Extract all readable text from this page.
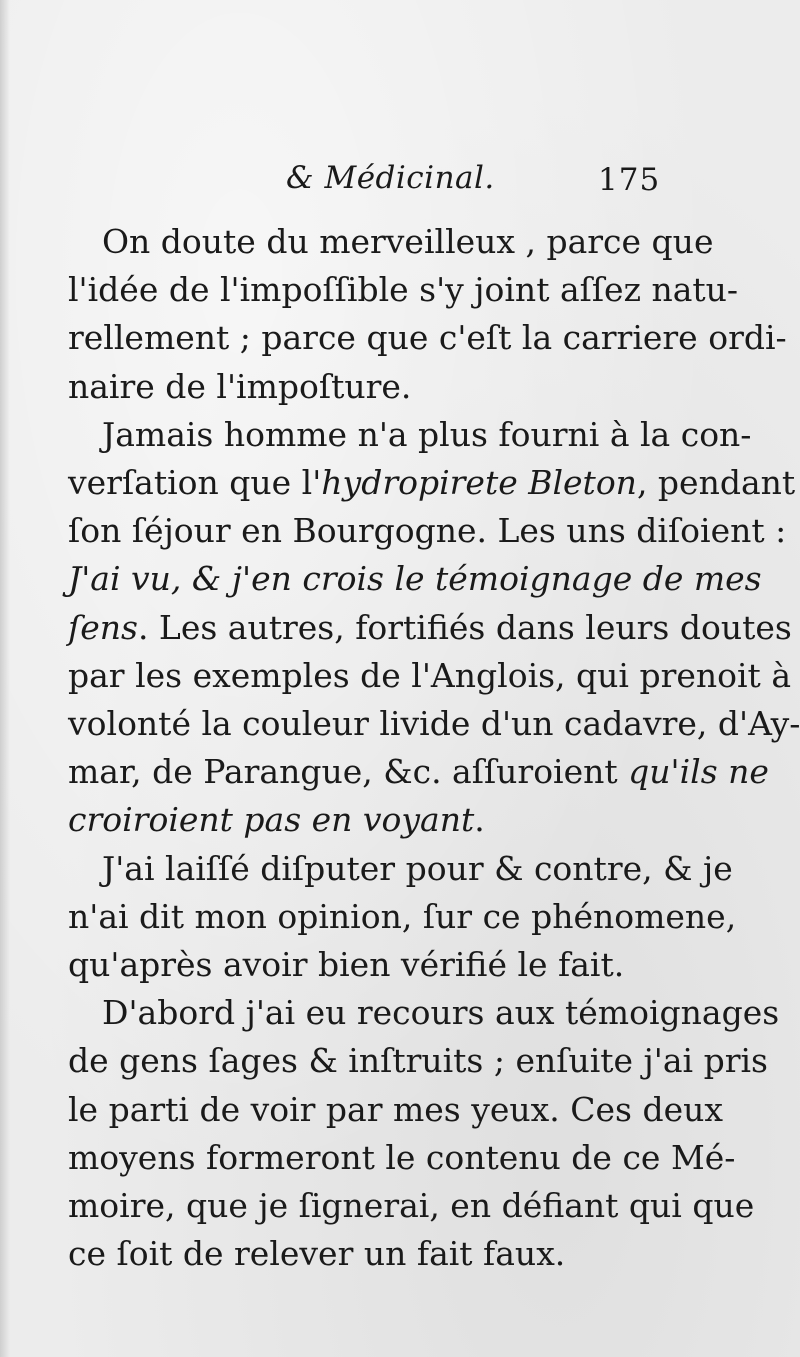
& Médicinal.	175

On doute du merveilleux , parce que
l'idée de l'impoſſible s'y joint aſſez natu-
rellement ; parce que c'eſt la carriere ordi-
naire de l'impoſture.

Jamais homme n'a plus fourni à la con-
verſation que l'hydropirete Bleton, pendant
ſon ſéjour en Bourgogne. Les uns diſoient :
J'ai vu, & j'en crois le témoignage de mes
ſens. Les autres, fortifiés dans leurs doutes
par les exemples de l'Anglois, qui prenoit à
volonté la couleur livide d'un cadavre, d'Ay-
mar, de Parangue, &c. aſſuroient qu'ils ne
croiroient pas en voyant.

J'ai laiſſé diſputer pour & contre, & je
n'ai dit mon opinion, ſur ce phénomene,
qu'après avoir bien vérifié le fait.

D'abord j'ai eu recours aux témoignages
de gens ſages & inſtruits ; enſuite j'ai pris
le parti de voir par mes yeux. Ces deux
moyens formeront le contenu de ce Mé-
moire, que je ſignerai, en défiant qui que
ce ſoit de relever un fait faux.
